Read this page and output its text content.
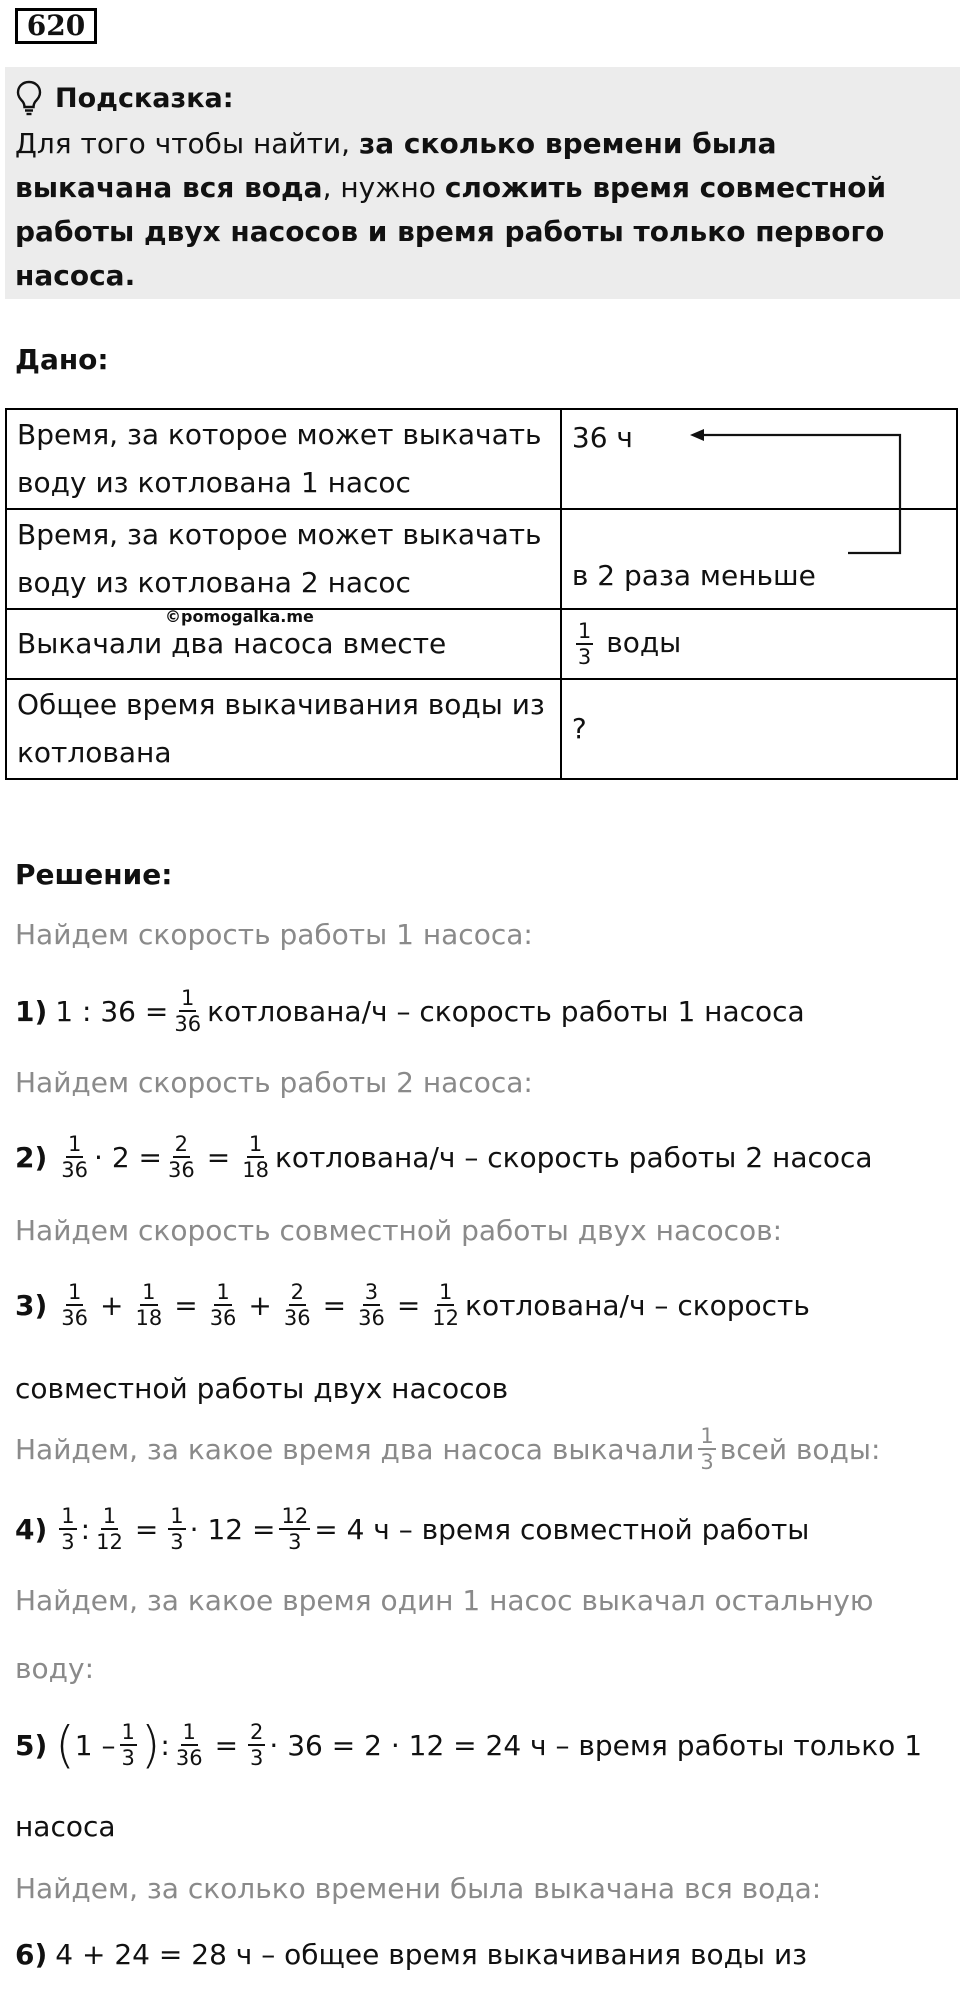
620
Подсказка:
Для того чтобы найти, за сколько времени была выкачана вся вода, нужно сложить время совместной работы двух насосов и время работы только первого насоса.
Дано:
Время, за которое может выкачать воду из котлована 1 насос	36 ч
Время, за которое может выкачать воду из котлована 2 насос	в 2 раза меньше
Выкачали два насоса вместе	$\frac{1}{3}$ воды
Общее время выкачивания воды из котлована	?
©pomogalka.me
Решение:
Найдем скорость работы 1 насоса:
1) 1 : $36 = \frac{1}{36}$ котлована/ч – скорость работы 1 насоса
Найдем скорость работы 2 насоса:
$2) \frac{1}{36} \cdot 2 = \frac{2}{36} = \frac{1}{18}$ котлована/ч – скорость работы 2 насоса
Найдем скорость совместной работы двух насосов:
$3) \frac{1}{36} + \frac{1}{18} = \frac{1}{36} + \frac{2}{36} = \frac{3}{36} = \frac{1}{12}$ котлована/ч – скорость
совместной работы двух насосов
Найдем, за какое время два насоса выкачали $\frac{1}{3}$ всей воды:
$4) \frac{1}{3}$ : $\frac{1}{12} = \frac{1}{3} \cdot 12 = \frac{12}{3} = 4$ ч – время совместной работы
Найдем, за какое время один 1 насос выкачал остальную
воду:
5) ( $1 - \frac{1}{3}$ ) : $\frac{1}{36} = \frac{2}{3} \cdot 36 = 2 \cdot 12 = 24$ ч – время работы только 1
насоса
Найдем, за сколько времени была выкачана вся вода:
6) 4 + 24 = 28 ч – общее время выкачивания воды из
